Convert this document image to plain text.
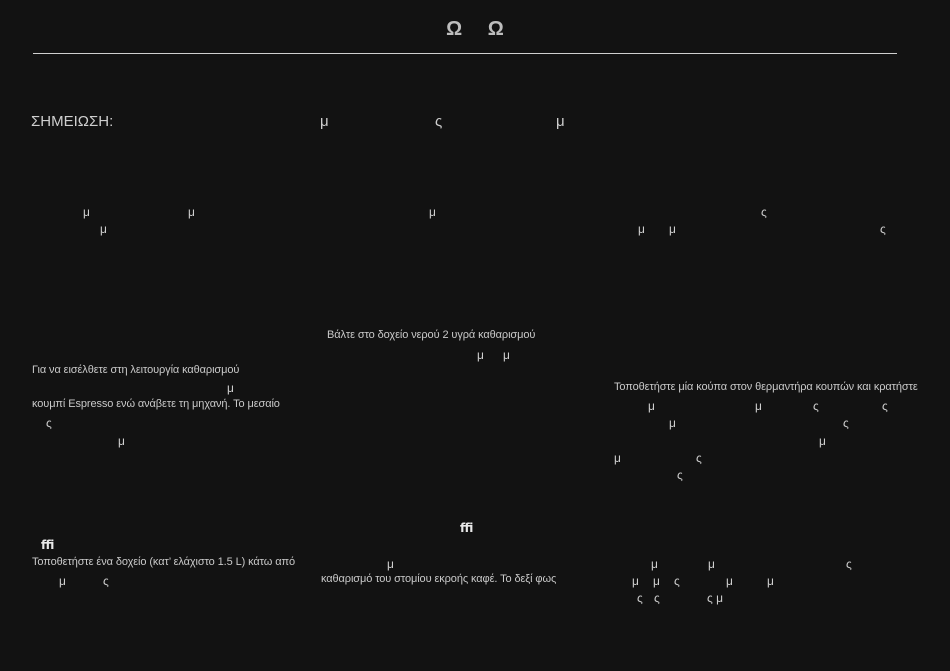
Ω Ω
ΣΗΜΕΙΩΣΗ:	μ	ς	μ
μ	μ	μ	ς
μ	μ μ	ς
Βάλτε στο δοχείο νερού 2 υγρά καθαρισμού
μ μ
Για να εισέλθετε στη λειτουργία καθαρισμού
μ
κουμπί Espresso ενώ ανάβετε τη μηχανή. Το μεσαίο
ς
μ
Τοποθετήστε μία κούπα στον θερμαντήρα κουπών και κρατήστε
μ	μ	ς	ς
μ	ς
μ
μ	ς
ς
ﬃ
μ
καθαρισμό του στομίου εκροής καφέ. Το δεξί φως
ﬃ
Τοποθετήστε ένα δοχείο (κατ’ ελάχιστο 1.5 L) κάτω από
μ	ς
μ	μ	ς
μ μ ς	μ	μ
ς ς	ς μ
